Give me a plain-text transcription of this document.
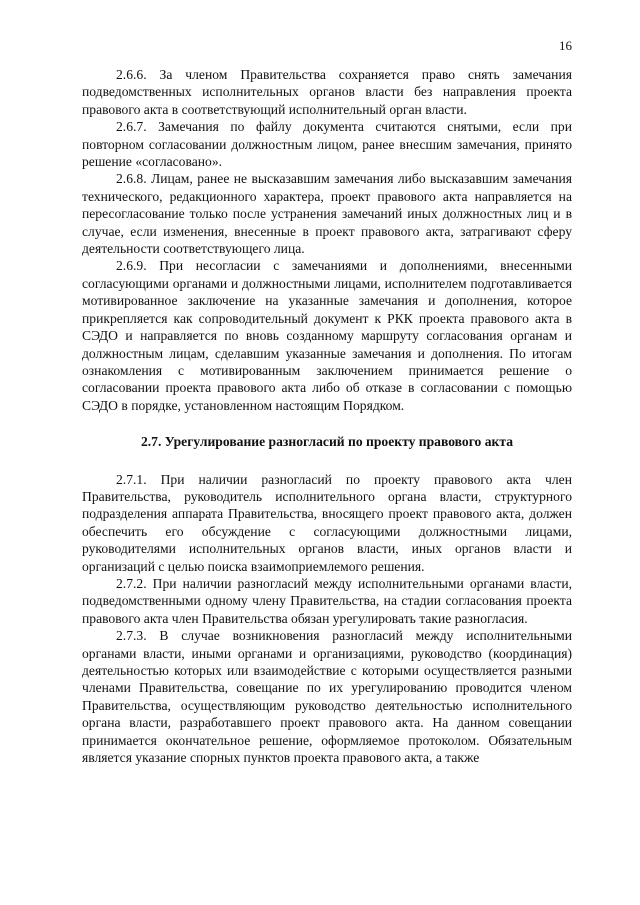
16

2.6.6. За членом Правительства сохраняется право снять замечания подведомственных исполнительных органов власти без направления проекта правового акта в соответствующий исполнительный орган власти.

2.6.7. Замечания по файлу документа считаются снятыми, если при повторном согласовании должностным лицом, ранее внесшим замечания, принято решение «согласовано».

2.6.8. Лицам, ранее не высказавшим замечания либо высказавшим замечания технического, редакционного характера, проект правового акта направляется на пересогласование только после устранения замечаний иных должностных лиц и в случае, если изменения, внесенные в проект правового акта, затрагивают сферу деятельности соответствующего лица.

2.6.9. При несогласии с замечаниями и дополнениями, внесенными согласующими органами и должностными лицами, исполнителем подготавливается мотивированное заключение на указанные замечания и дополнения, которое прикрепляется как сопроводительный документ к РКК проекта правового акта в СЭДО и направляется по вновь созданному маршруту согласования органам и должностным лицам, сделавшим указанные замечания и дополнения. По итогам ознакомления с мотивированным заключением принимается решение о согласовании проекта правового акта либо об отказе в согласовании с помощью СЭДО в порядке, установленном настоящим Порядком.

2.7. Урегулирование разногласий по проекту правового акта

2.7.1. При наличии разногласий по проекту правового акта член Правительства, руководитель исполнительного органа власти, структурного подразделения аппарата Правительства, вносящего проект правового акта, должен обеспечить его обсуждение с согласующими должностными лицами, руководителями исполнительных органов власти, иных органов власти и организаций с целью поиска взаимоприемлемого решения.

2.7.2. При наличии разногласий между исполнительными органами власти, подведомственными одному члену Правительства, на стадии согласования проекта правового акта член Правительства обязан урегулировать такие разногласия.

2.7.3. В случае возникновения разногласий между исполнительными органами власти, иными органами и организациями, руководство (координация) деятельностью которых или взаимодействие с которыми осуществляется разными членами Правительства, совещание по их урегулированию проводится членом Правительства, осуществляющим руководство деятельностью исполнительного органа власти, разработавшего проект правового акта. На данном совещании принимается окончательное решение, оформляемое протоколом. Обязательным является указание спорных пунктов проекта правового акта, а также
